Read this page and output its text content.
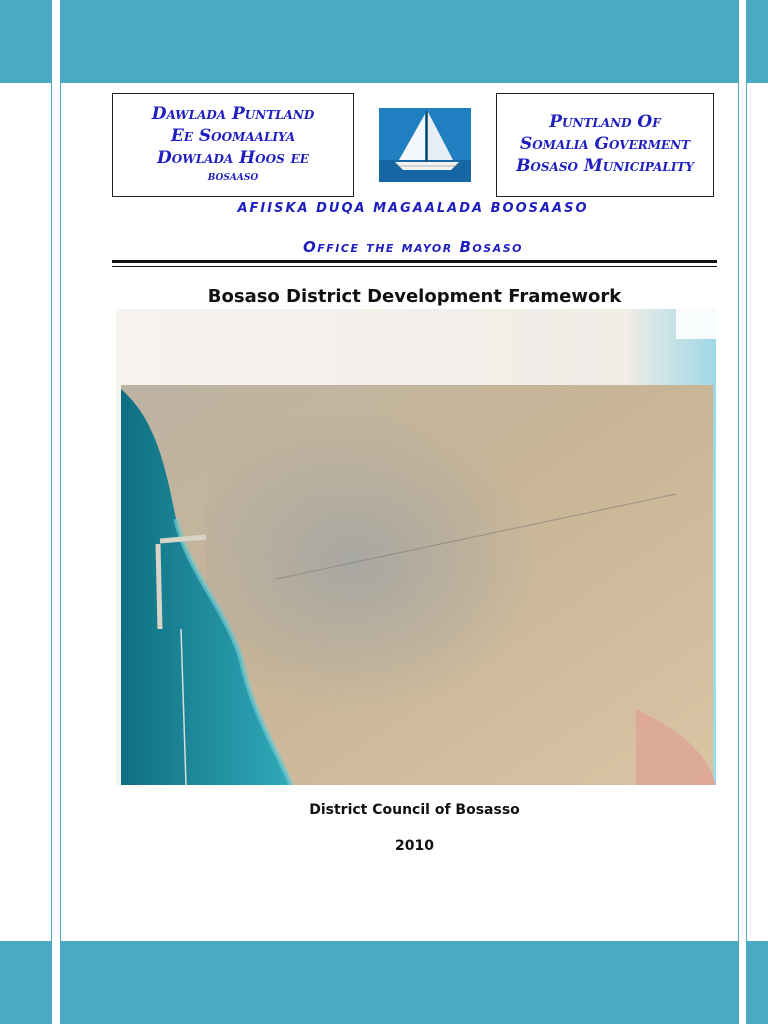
Dawlada Puntland
Ee Soomaaliya
Dowlada Hoos ee
bosaaso
Puntland Of
Somalia Goverment
Bosaso Municipality
AFIISKA DUQA MAGAALADA BOOSAASO
Office the mayor Bosaso
Bosaso District Development Framework
District Council of Bosasso
2010
